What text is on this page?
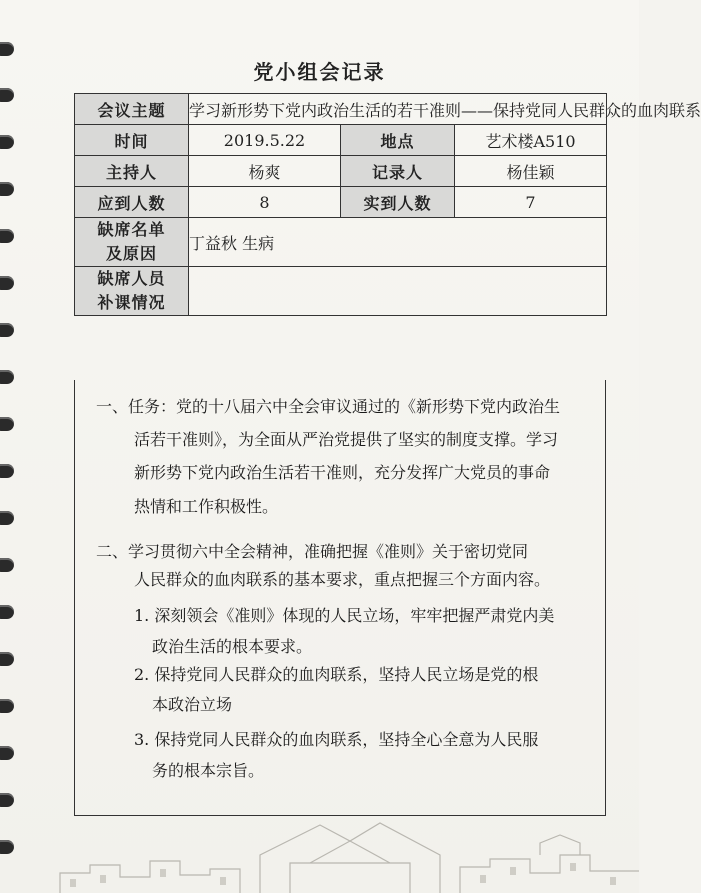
党小组会记录
会议主题	学习新形势下党内政治生活的若干准则——保持党同人民群众的血肉联系		
时间	2019.5.22	地点	艺术楼A510
主持人	杨爽	记录人	杨佳颖
应到人数	8	实到人数	7

缺席名单
及原因	丁益秋 生病		

缺席人员
补课情况			

一、任务：党的十八届六中全会审议通过的《新形势下党内政治生
活若干准则》，为全面从严治党提供了坚实的制度支撑。学习
新形势下党内政治生活若干准则，充分发挥广大党员的事命
热情和工作积极性。
二、学习贯彻六中全会精神，准确把握《准则》关于密切党同
人民群众的血肉联系的基本要求，重点把握三个方面内容。
1. 深刻领会《准则》体现的人民立场，牢牢把握严肃党内美
政治生活的根本要求。
2. 保持党同人民群众的血肉联系，坚持人民立场是党的根
本政治立场
3. 保持党同人民群众的血肉联系，坚持全心全意为人民服
务的根本宗旨。
